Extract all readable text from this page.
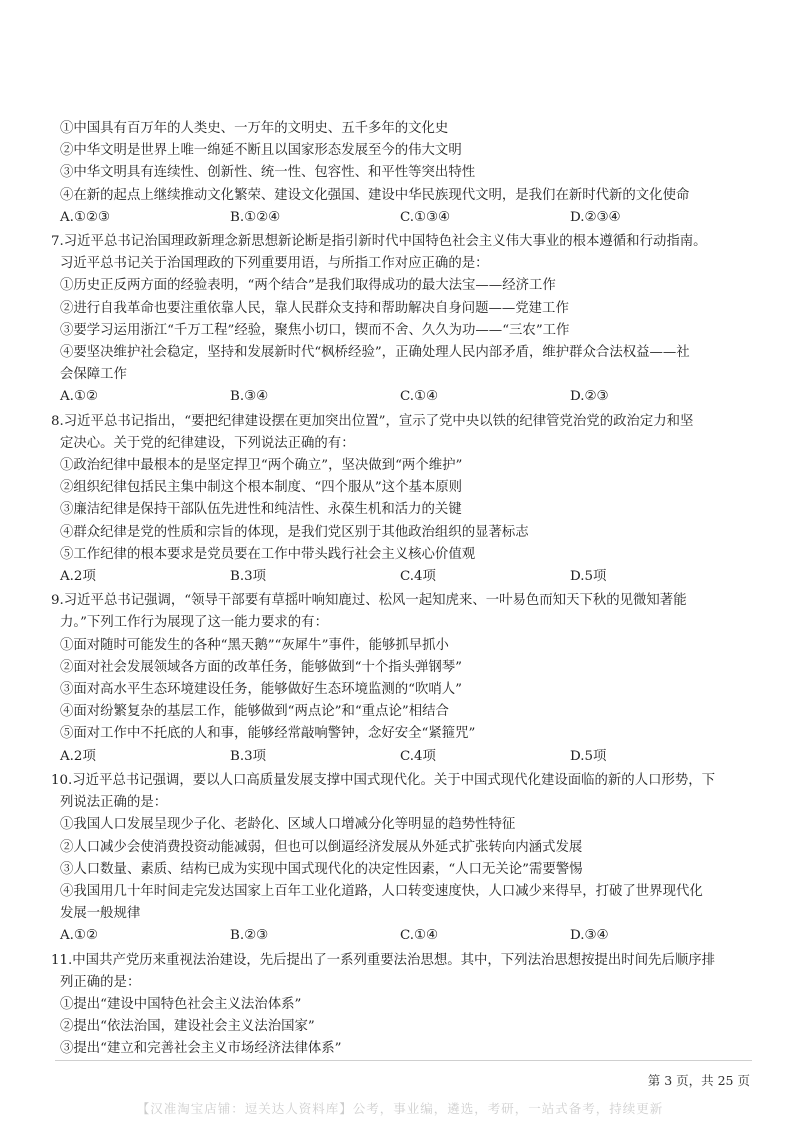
①中国具有百万年的人类史、一万年的文明史、五千多年的文化史
②中华文明是世界上唯一绵延不断且以国家形态发展至今的伟大文明
③中华文明具有连续性、创新性、统一性、包容性、和平性等突出特性
④在新的起点上继续推动文化繁荣、建设文化强国、建设中华民族现代文明，是我们在新时代新的文化使命
A.①②③	B.①②④	C.①③④	D.②③④
7.习近平总书记治国理政新理念新思想新论断是指引新时代中国特色社会主义伟大事业的根本遵循和行动指南。
习近平总书记关于治国理政的下列重要用语，与所指工作对应正确的是：
①历史正反两方面的经验表明，“两个结合”是我们取得成功的最大法宝——经济工作
②进行自我革命也要注重依靠人民，靠人民群众支持和帮助解决自身问题——党建工作
③要学习运用浙江“千万工程”经验，聚焦小切口，锲而不舍、久久为功——“三农”工作
④要坚决维护社会稳定，坚持和发展新时代“枫桥经验”，正确处理人民内部矛盾，维护群众合法权益——社
会保障工作
A.①②	B.③④	C.①④	D.②③
8.习近平总书记指出，“要把纪律建设摆在更加突出位置”，宣示了党中央以铁的纪律管党治党的政治定力和坚
定决心。关于党的纪律建设，下列说法正确的有：
①政治纪律中最根本的是坚定捍卫“两个确立”，坚决做到“两个维护”
②组织纪律包括民主集中制这个根本制度、“四个服从”这个基本原则
③廉洁纪律是保持干部队伍先进性和纯洁性、永葆生机和活力的关键
④群众纪律是党的性质和宗旨的体现，是我们党区别于其他政治组织的显著标志
⑤工作纪律的根本要求是党员要在工作中带头践行社会主义核心价值观
A.2项	B.3项	C.4项	D.5项
9.习近平总书记强调，“领导干部要有草摇叶响知鹿过、松风一起知虎来、一叶易色而知天下秋的见微知著能
力。”下列工作行为展现了这一能力要求的有：
①面对随时可能发生的各种“黑天鹅”“灰犀牛”事件，能够抓早抓小
②面对社会发展领域各方面的改革任务，能够做到“十个指头弹钢琴”
③面对高水平生态环境建设任务，能够做好生态环境监测的“吹哨人”
④面对纷繁复杂的基层工作，能够做到“两点论”和“重点论”相结合
⑤面对工作中不托底的人和事，能够经常敲响警钟，念好安全“紧箍咒”
A.2项	B.3项	C.4项	D.5项
10.习近平总书记强调，要以人口高质量发展支撑中国式现代化。关于中国式现代化建设面临的新的人口形势，下
列说法正确的是：
①我国人口发展呈现少子化、老龄化、区域人口增减分化等明显的趋势性特征
②人口减少会使消费投资动能减弱，但也可以倒逼经济发展从外延式扩张转向内涵式发展
③人口数量、素质、结构已成为实现中国式现代化的决定性因素，“人口无关论”需要警惕
④我国用几十年时间走完发达国家上百年工业化道路，人口转变速度快，人口减少来得早，打破了世界现代化
发展一般规律
A.①②	B.②③	C.①④	D.③④
11.中国共产党历来重视法治建设，先后提出了一系列重要法治思想。其中，下列法治思想按提出时间先后顺序排
列正确的是：
①提出“建设中国特色社会主义法治体系”
②提出“依法治国，建设社会主义法治国家”
③提出“建立和完善社会主义市场经济法律体系”
第 3 页，共 25 页
【汉准淘宝店铺：逗关达人资料库】公考，事业编，遴选，考研，一站式备考，持续更新
